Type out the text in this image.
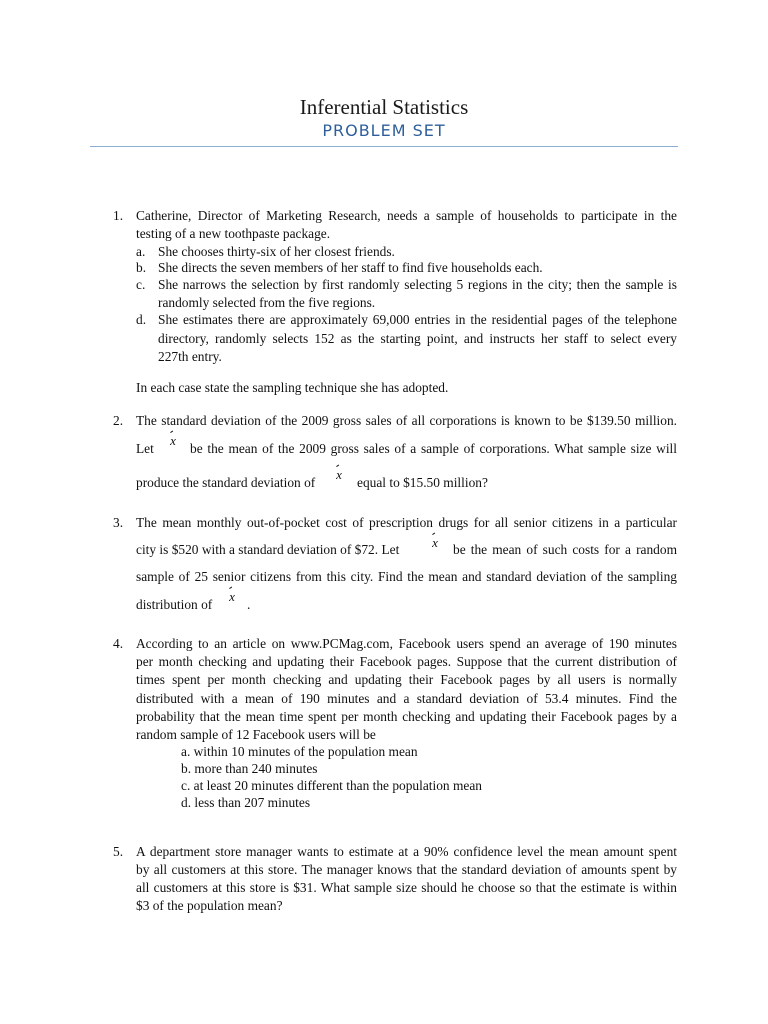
Inferential Statistics
PROBLEM SET
1. Catherine, Director of Marketing Research, needs a sample of households to participate in the
testing of a new toothpaste package.
a. She chooses thirty-six of her closest friends.
b. She directs the seven members of her staff to find five households each.
c. She narrows the selection by first randomly selecting 5 regions in the city; then the sample is
randomly selected from the five regions.
d. She estimates there are approximately 69,000 entries in the residential pages of the telephone
directory, randomly selects 152 as the starting point, and instructs her staff to select every
227th entry.
In each case state the sampling technique she has adopted.
2. The standard deviation of the 2009 gross sales of all corporations is known to be $139.50 million.
Let
x
be the mean of the 2009 gross sales of a sample of corporations. What sample size will
produce the standard deviation of
x
equal to $15.50 million?
3. The mean monthly out-of-pocket cost of prescription drugs for all senior citizens in a particular
city is $520 with a standard deviation of $72. Let	x be the mean of such costs for a random
sample of 25 senior citizens from this city. Find the mean and standard deviation of the sampling
distribution of
x
.
4. According to an article on www.PCMag.com, Facebook users spend an average of 190 minutes
per month checking and updating their Facebook pages. Suppose that the current distribution of
times spent per month checking and updating their Facebook pages by all users is normally
distributed with a mean of 190 minutes and a standard deviation of 53.4 minutes. Find the
probability that the mean time spent per month checking and updating their Facebook pages by a
random sample of 12 Facebook users will be
a. within 10 minutes of the population mean
b. more than 240 minutes
c. at least 20 minutes different than the population mean
d. less than 207 minutes
5. A department store manager wants to estimate at a 90% confidence level the mean amount spent
by all customers at this store. The manager knows that the standard deviation of amounts spent by
all customers at this store is $31. What sample size should he choose so that the estimate is within
$3 of the population mean?
